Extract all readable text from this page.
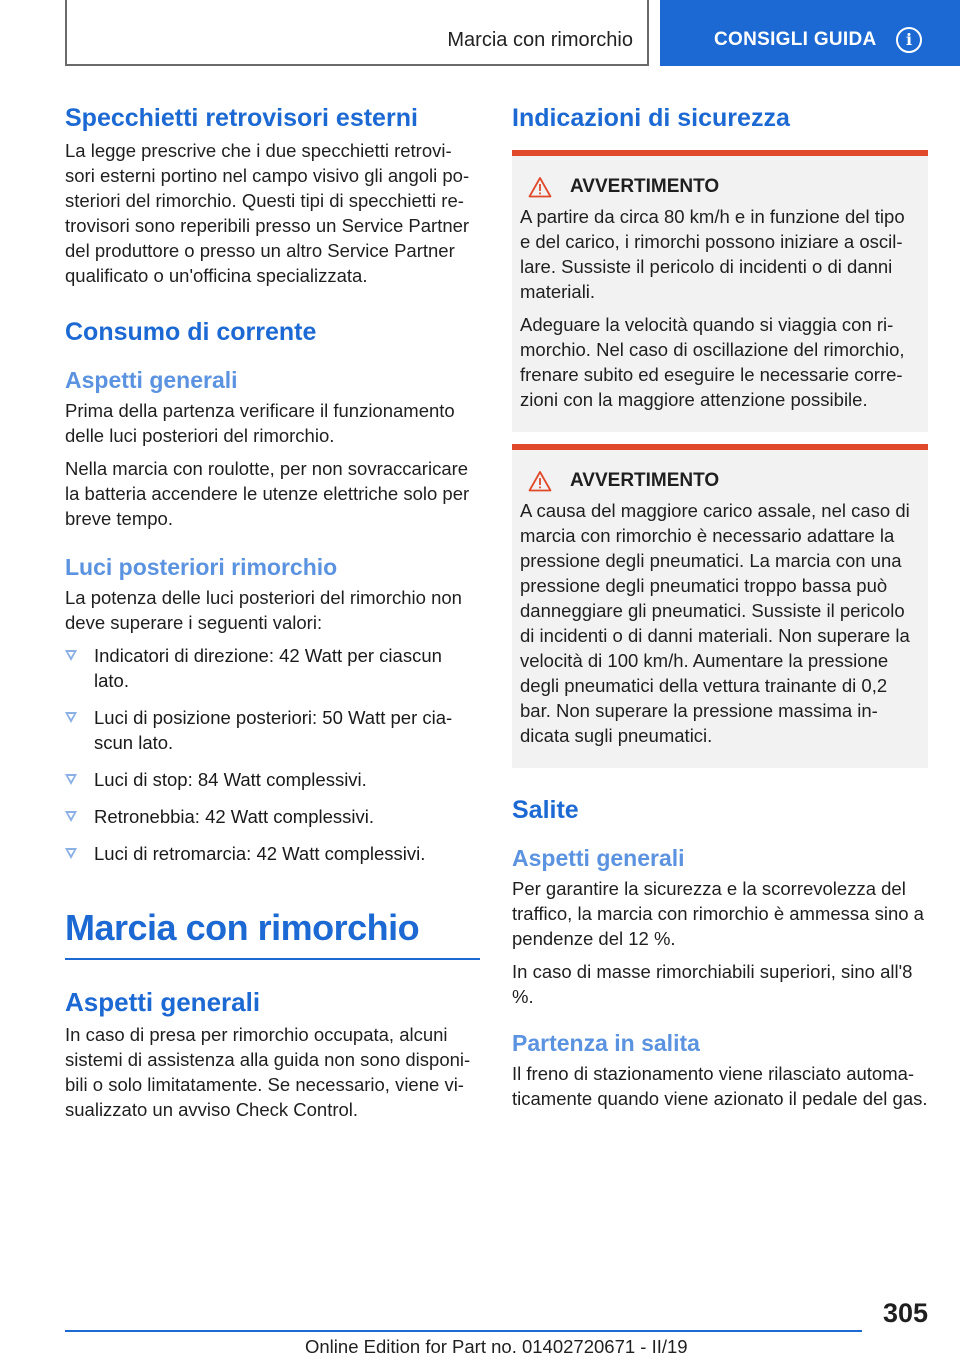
Marcia con rimorchio	CONSIGLI GUIDA	i
Specchietti retrovisori esterni

La legge prescrive che i due specchietti retrovi-sori esterni portino nel campo visivo gli angoli po-steriori del rimorchio. Questi tipi di specchietti re-trovisori sono reperibili presso un Service Partner del produttore o presso un altro Service Partner qualificato o un'officina specializzata.

Consumo di corrente
Aspetti generali

Prima della partenza verificare il funzionamento delle luci posteriori del rimorchio.

Nella marcia con roulotte, per non sovraccaricare la batteria accendere le utenze elettriche solo per breve tempo.

Luci posteriori rimorchio

La potenza delle luci posteriori del rimorchio non deve superare i seguenti valori:

Indicatori di direzione: 42 Watt per ciascun lato.
Luci di posizione posteriori: 50 Watt per cia-scun lato.
Luci di stop: 84 Watt complessivi.
Retronebbia: 42 Watt complessivi.
Luci di retromarcia: 42 Watt complessivi.
Marcia con rimorchio
Aspetti generali

In caso di presa per rimorchio occupata, alcuni sistemi di assistenza alla guida non sono disponi-bili o solo limitatamente. Se necessario, viene vi-sualizzato un avviso Check Control.

Indicazioni di sicurezza
AVVERTIMENTO

A partire da circa 80 km/h e in funzione del tipo e del carico, i rimorchi possono iniziare a oscil-lare. Sussiste il pericolo di incidenti o di danni materiali.

Adeguare la velocità quando si viaggia con ri-morchio. Nel caso di oscillazione del rimorchio, frenare subito ed eseguire le necessarie corre-zioni con la maggiore attenzione possibile.

AVVERTIMENTO

A causa del maggiore carico assale, nel caso di marcia con rimorchio è necessario adattare la pressione degli pneumatici. La marcia con una pressione degli pneumatici troppo bassa può danneggiare gli pneumatici. Sussiste il pericolo di incidenti o di danni materiali. Non superare la velocità di 100 km/h. Aumentare la pressione degli pneumatici della vettura trainante di 0,2 bar. Non superare la pressione massima in-dicata sugli pneumatici.

Salite
Aspetti generali

Per garantire la sicurezza e la scorrevolezza del traffico, la marcia con rimorchio è ammessa sino a pendenze del 12 %.

In caso di masse rimorchiabili superiori, sino all'8 %.

Partenza in salita

Il freno di stazionamento viene rilasciato automa-ticamente quando viene azionato il pedale del gas.

305
Online Edition for Part no. 01402720671 - II/19
